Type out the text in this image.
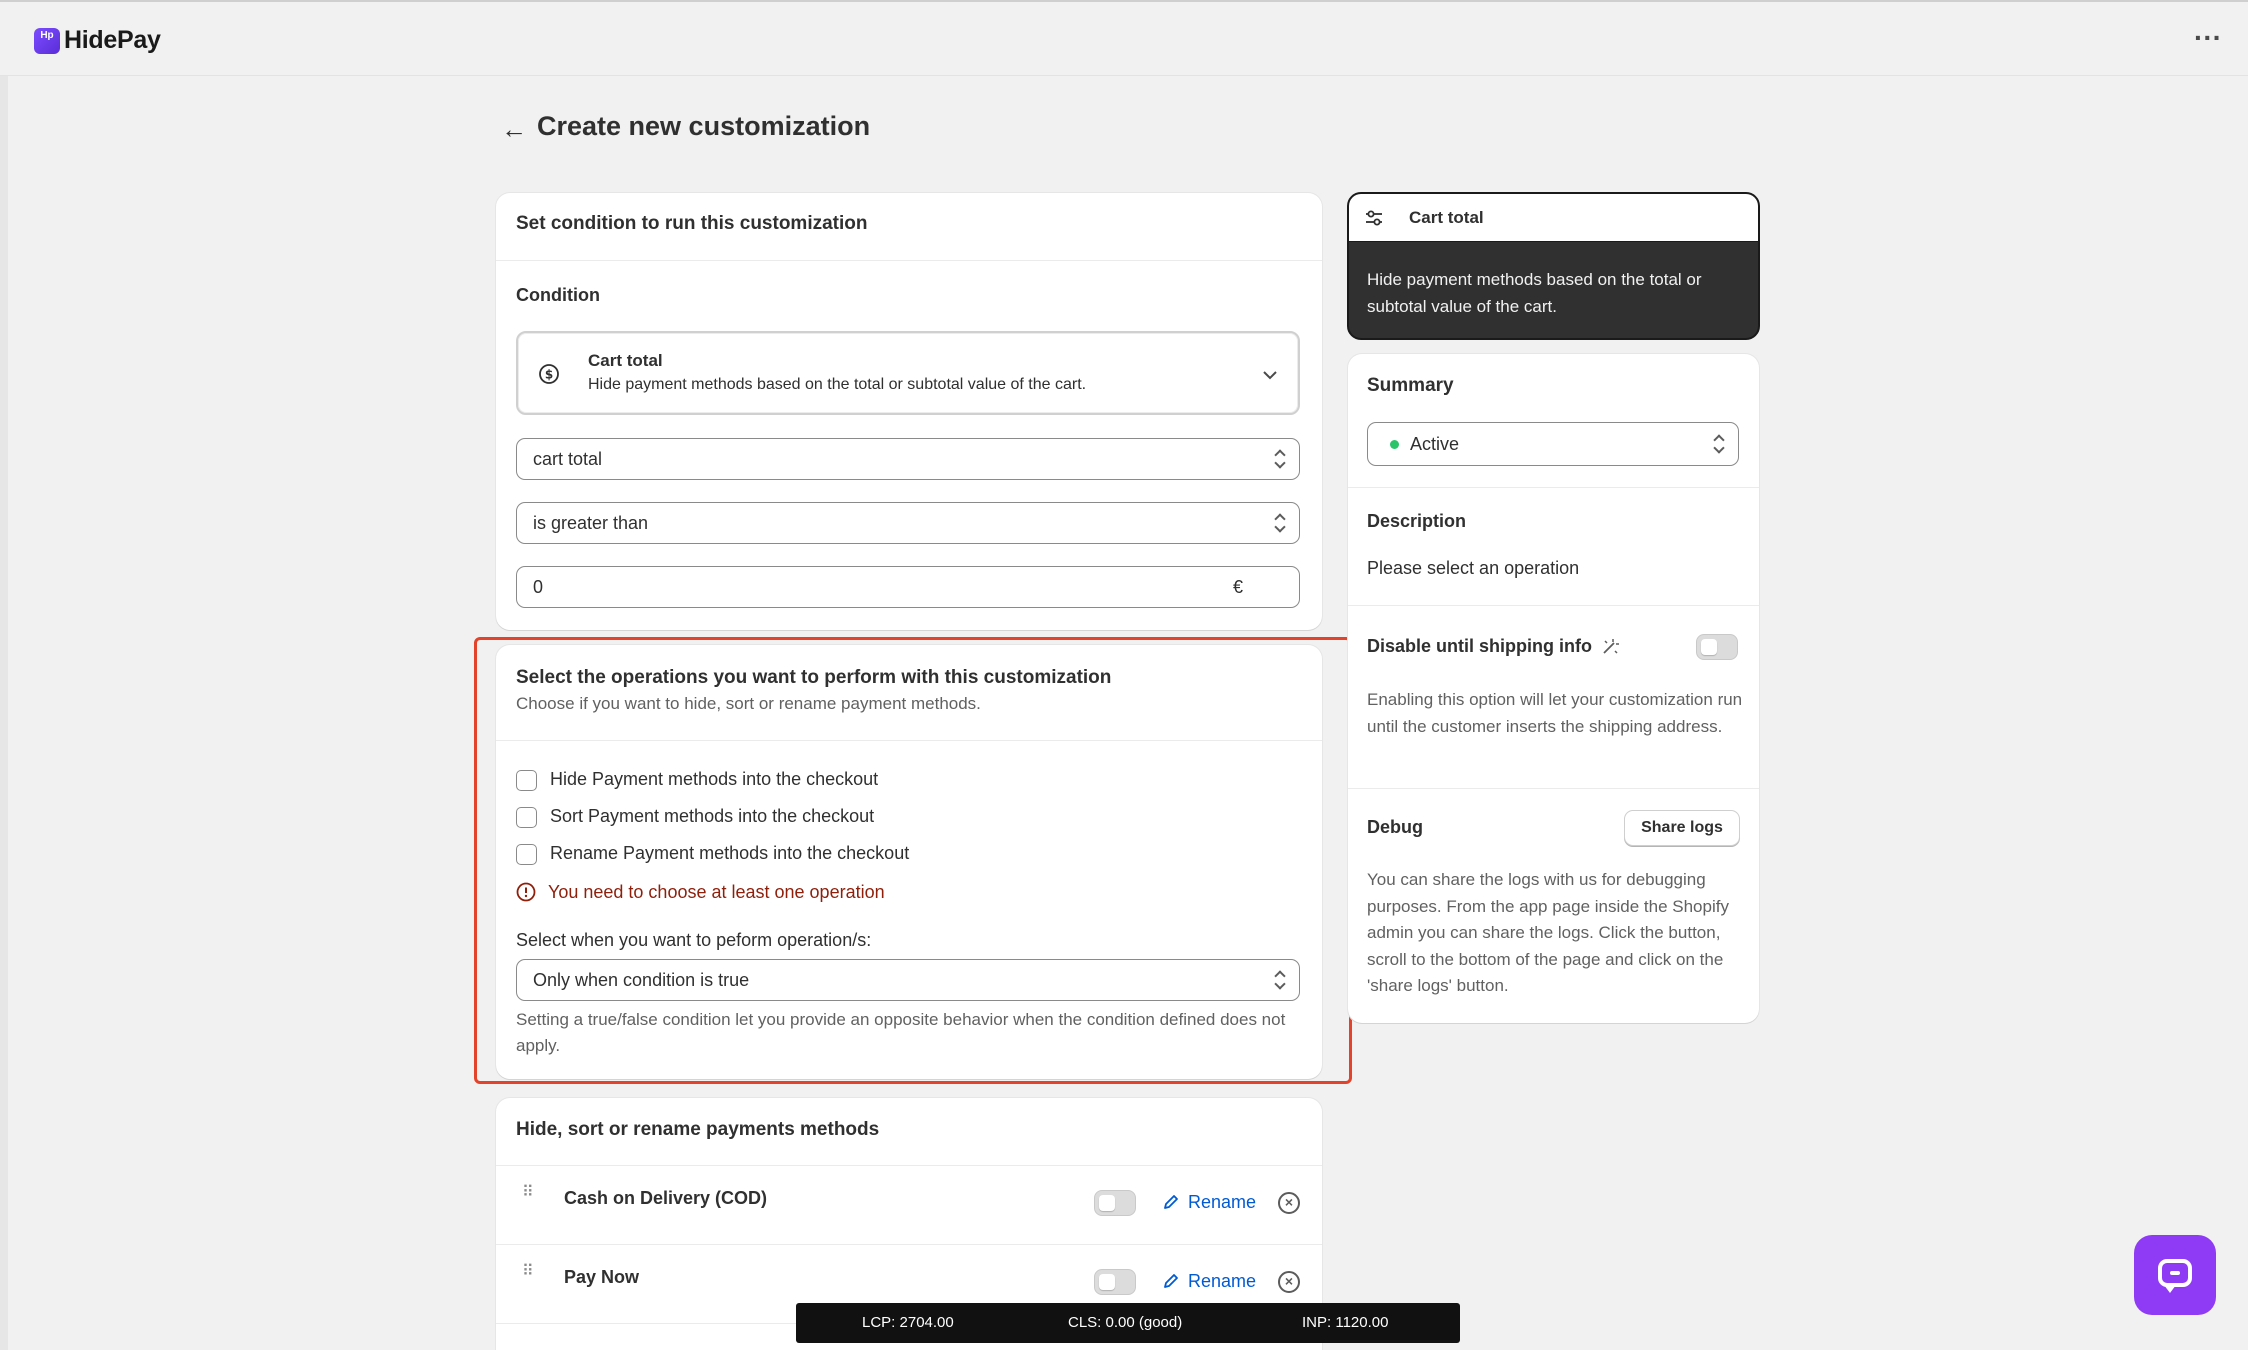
Hp HidePay	···
← Create new customization
Set condition to run this customization
Condition
$
Cart total
Hide payment methods based on the total or subtotal value of the cart.
cart total
is greater than
0	€
Select the operations you want to perform with this customization
Choose if you want to hide, sort or rename payment methods.
Hide Payment methods into the checkout
Sort Payment methods into the checkout
Rename Payment methods into the checkout
You need to choose at least one operation
Select when you want to peform operation/s:
Only when condition is true
Setting a true/false condition let you provide an opposite behavior when the condition defined does not apply.
Hide, sort or rename payments methods
⠿ Cash on Delivery (COD)	Rename	×
⠿ Pay Now	Rename	×
Cart total
Hide payment methods based on the total or subtotal value of the cart.
Summary
Active
Description
Please select an operation
Disable until shipping info
Enabling this option will let your customization run until the customer inserts the shipping address.
Debug	Share logs
You can share the logs with us for debugging purposes. From the app page inside the Shopify admin you can share the logs. Click the button, scroll to the bottom of the page and click on the 'share logs' button.
LCP: 2704.00	CLS: 0.00 (good)	INP: 1120.00
